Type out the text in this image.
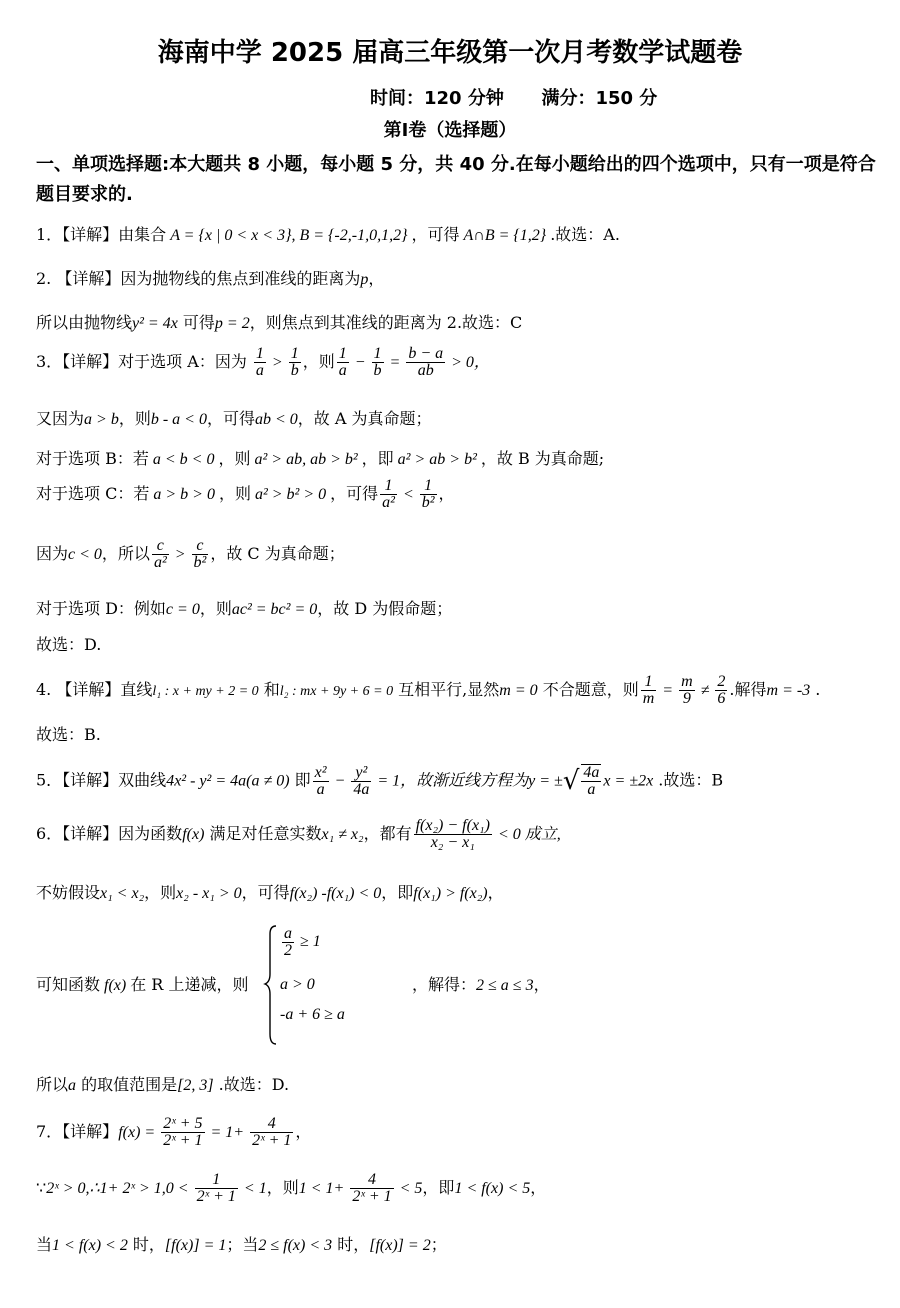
海南中学 2025 届高三年级第一次月考数学试题卷
时间：120 分钟 满分：150 分
第Ⅰ卷（选择题）
一、单项选择题:本大题共 8 小题，每小题 5 分，共 40 分.在每小题给出的四个选项中，只有一项是符合题目要求的.
1．【详解】由集合 A = {x | 0 < x < 3}, B = {-2,-1,0,1,2} ，可得 A∩B = {1,2} .故选：A.
2. 【详解】因为抛物线的焦点到准线的距离为p，
所以由抛物线y² = 4x 可得p = 2，则焦点到其准线的距离为 2.故选：C
3．【详解】对于选项 A：因为 $\frac{1}{a} > \frac{1}{b}$ ，则 $\frac{1}{a} - \frac{1}{b} = \frac{b - a}{ab} > 0$，
又因为a > b，则b - a < 0，可得ab < 0，故 A 为真命题；
对于选项 B：若 a < b < 0 ，则 a² > ab, ab > b² ，即 a² > ab > b² ，故 B 为真命题;
对于选项 C：若 a > b > 0 ，则 a² > b² > 0 ，可得 $\frac{1}{\text{a²}} < \frac{1}{\text{b²}}$ ，
因为c < 0，所以 $\frac{c}{\text{a²}} > \frac{c}{\text{b²}}$ ，故 C 为真命题；
对于选项 D：例如c = 0，则ac² = bc² = 0，故 D 为假命题；
故选：D.
4. 【详解】直线l₁ : x + my + 2 = 0 和l₂ : mx + 9y + 6 = 0 互相平行,显然m = 0 不合题意，则 $\frac{1}{m} = \frac{m}{9} \ne \frac{2}{6}$ .解得m = -3 .
故选：B.
5．【详解】双曲线4x² - y² = 4a(a ≠ 0) 即 $\frac{\text{x²}}{a} - \frac{\text{y²}}{4a} = 1$，故渐近线方程为y = ±√ $\frac{4a}{a}$ x = ±2x .故选：B
6．【详解】因为函数f(x) 满足对任意实数x₁ ≠ x₂，都有 $\frac{\text{f(x₂) − f(x₁)}}{\text{x₂ − x₁}} < 0$ 成立,
不妨假设x₁ < x₂，则x₂ - x₁ > 0，可得f(x₂) -f(x₁) < 0，即f(x₁) > f(x₂)，
可知函数 f(x) 在 R 上递减，则
$\frac{a}{2} \ge 1$
a > 0
-a + 6 ≥ a
，解得：2 ≤ a ≤ 3，
所以a 的取值范围是[2, 3] .故选：D.
7．【详解】$f(x) = \frac{\text{2ˣ + 5}}{\text{2ˣ + 1}} = 1+ \frac{4}{\text{2ˣ + 1}}$ ，
∵2ˣ > 0,∴1+ 2ˣ > $1,0 < \frac{1}{\text{2ˣ + 1}} < 1$，则$1 < 1+ \frac{4}{\text{2ˣ + 1}} < 5$，即1 < f(x) < 5，
当1 < f(x) < 2 时，[f(x)] = 1；当2 ≤ f(x) < 3 时，[f(x)] = 2；
